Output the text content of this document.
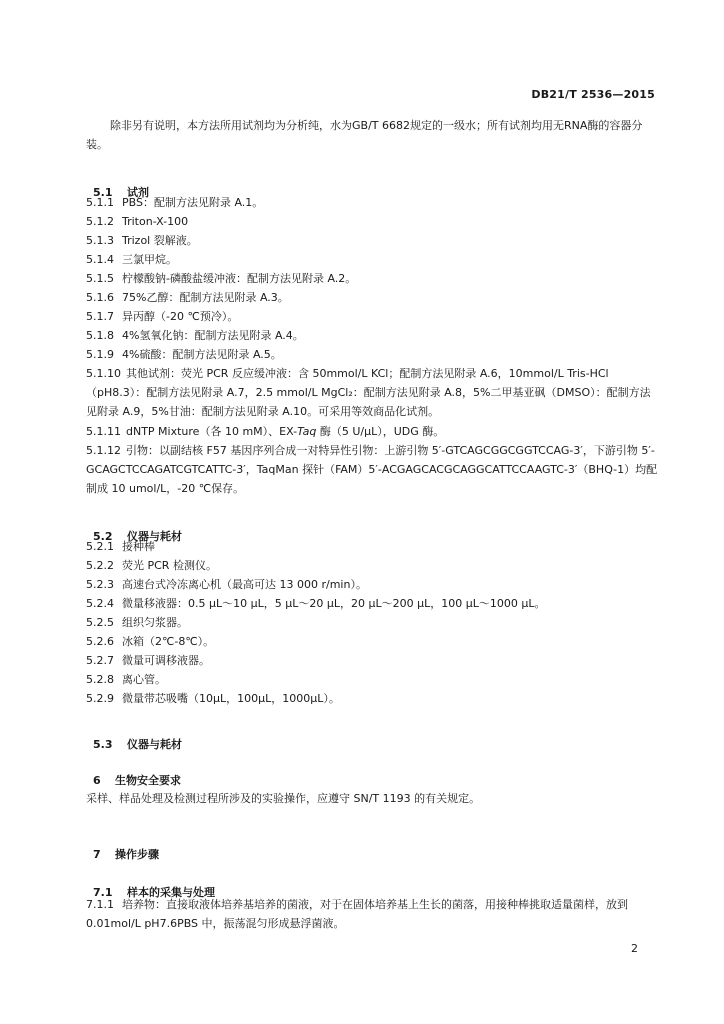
DB21/T 2536—2015
除非另有说明，本方法所用试剂均为分析纯，水为GB/T 6682规定的一级水；所有试剂均用无RNA酶的容器分装。

5.1 试剂

5.1.1 PBS：配制方法见附录 A.1。
5.1.2 Triton-X-100
5.1.3 Trizol 裂解液。
5.1.4 三氯甲烷。
5.1.5 柠檬酸钠-磷酸盐缓冲液：配制方法见附录 A.2。
5.1.6 75%乙醇：配制方法见附录 A.3。
5.1.7 异丙醇（-20 ℃预冷）。
5.1.8 4%氢氧化钠：配制方法见附录 A.4。
5.1.9 4%硫酸：配制方法见附录 A.5。
5.1.10 其他试剂：荧光 PCR 反应缓冲液：含 50mmol/L KCl；配制方法见附录 A.6，10mmol/L Tris-HCl（pH8.3）：配制方法见附录 A.7，2.5 mmol/L MgCl₂：配制方法见附录 A.8，5%二甲基亚砜（DMSO）：配制方法见附录 A.9，5%甘油：配制方法见附录 A.10。可采用等效商品化试剂。
5.1.11 dNTP Mixture（各 10 mM）、EX-Taq 酶（5 U/μL），UDG 酶。
5.1.12 引物：以副结核 F57 基因序列合成一对特异性引物：上游引物 5′-GTCAGCGGCGGTCCAG-3′，下游引物 5′-GCAGCTCCAGATCGTCATTC-3′，TaqMan 探针（FAM）5′-ACGAGCACGCAGGCATTCCAAGTC-3′（BHQ-1）均配制成 10 umol/L，-20 ℃保存。

5.2 仪器与耗材

5.2.1 接种棒
5.2.2 荧光 PCR 检测仪。
5.2.3 高速台式冷冻离心机（最高可达 13 000 r/min）。
5.2.4 微量移液器：0.5 μL～10 μL，5 μL～20 μL，20 μL～200 μL，100 μL～1000 μL。
5.2.5 组织匀浆器。
5.2.6 冰箱（2℃-8℃）。
5.2.7 微量可调移液器。
5.2.8 离心管。
5.2.9 微量带芯吸嘴（10μL，100μL，1000μL）。

5.3 仪器与耗材

6 生物安全要求

采样、样品处理及检测过程所涉及的实验操作，应遵守 SN/T 1193 的有关规定。

7 操作步骤

7.1 样本的采集与处理

7.1.1 培养物：直接取液体培养基培养的菌液，对于在固体培养基上生长的菌落，用接种棒挑取适量菌样，放到 0.01mol/L pH7.6PBS 中，振荡混匀形成悬浮菌液。
2
